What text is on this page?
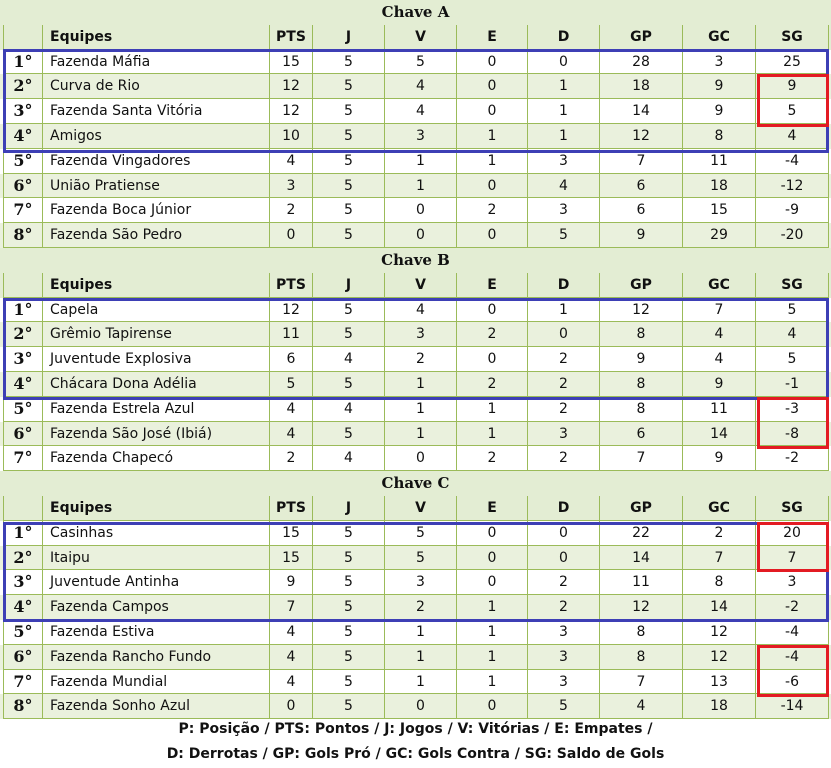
Chave A
Equipes	PTS	J	V	E	D	GP	GC	SG
1°	Fazenda Máfia	15	5	5	0	0	28	3	25
2°	Curva de Rio	12	5	4	0	1	18	9	9
3°	Fazenda Santa Vitória	12	5	4	0	1	14	9	5
4°	Amigos	10	5	3	1	1	12	8	4
5°	Fazenda Vingadores	4	5	1	1	3	7	11	-4
6°	União Pratiense	3	5	1	0	4	6	18	-12
7°	Fazenda Boca Júnior	2	5	0	2	3	6	15	-9
8°	Fazenda São Pedro	0	5	0	0	5	9	29	-20
Chave B
Equipes	PTS	J	V	E	D	GP	GC	SG
1°	Capela	12	5	4	0	1	12	7	5
2°	Grêmio Tapirense	11	5	3	2	0	8	4	4
3°	Juventude Explosiva	6	4	2	0	2	9	4	5
4°	Chácara Dona Adélia	5	5	1	2	2	8	9	-1
5°	Fazenda Estrela Azul	4	4	1	1	2	8	11	-3
6°	Fazenda São José (Ibiá)	4	5	1	1	3	6	14	-8
7°	Fazenda Chapecó	2	4	0	2	2	7	9	-2
Chave C
Equipes	PTS	J	V	E	D	GP	GC	SG
1°	Casinhas	15	5	5	0	0	22	2	20
2°	Itaipu	15	5	5	0	0	14	7	7
3°	Juventude Antinha	9	5	3	0	2	11	8	3
4°	Fazenda Campos	7	5	2	1	2	12	14	-2
5°	Fazenda Estiva	4	5	1	1	3	8	12	-4
6°	Fazenda Rancho Fundo	4	5	1	1	3	8	12	-4
7°	Fazenda Mundial	4	5	1	1	3	7	13	-6
8°	Fazenda Sonho Azul	0	5	0	0	5	4	18	-14
P: Posição / PTS: Pontos / J: Jogos / V: Vitórias / E: Empates /
D: Derrotas / GP: Gols Pró / GC: Gols Contra / SG: Saldo de Gols
